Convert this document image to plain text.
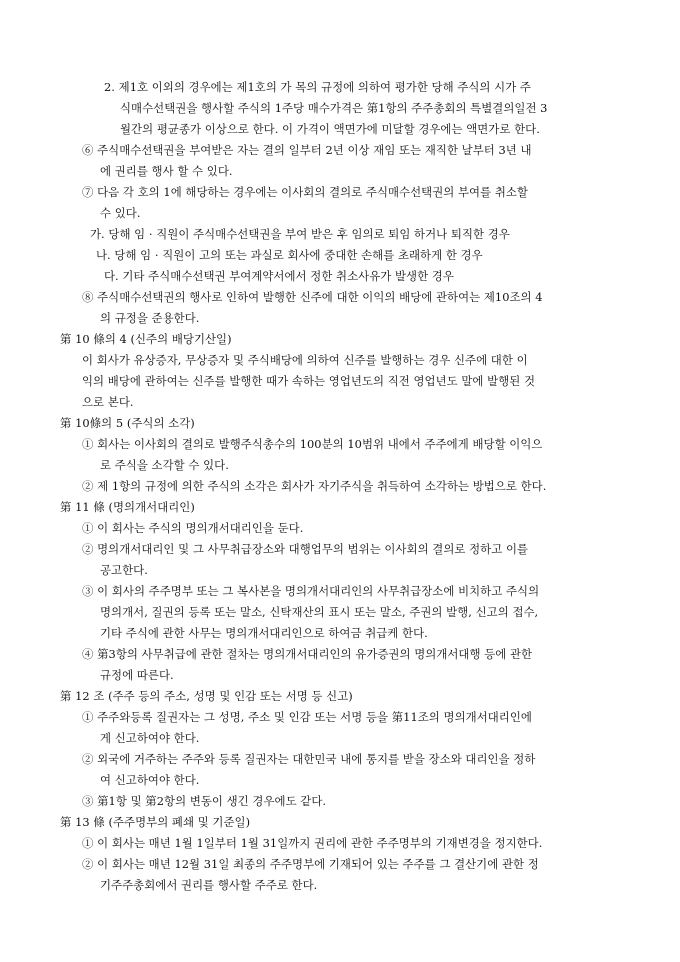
2. 제1호 이외의 경우에는 제1호의 가 목의 규정에 의하여 평가한 당해 주식의 시가 주
식매수선택권을 행사할 주식의 1주당 매수가격은 第1항의 주주총회의 특별결의일전 3
월간의 평균종가 이상으로 한다. 이 가격이 액면가에 미달할 경우에는 액면가로 한다.
⑥ 주식매수선택권을 부여받은 자는 결의 일부터 2년 이상 재임 또는 재직한 날부터 3년 내
에 권리를 행사 할 수 있다.
⑦ 다음 각 호의 1에 해당하는 경우에는 이사회의 결의로 주식매수선택권의 부여를 취소할
수 있다.
가. 당해 임 · 직원이 주식매수선택권을 부여 받은 후 임의로 퇴임 하거나 퇴직한 경우
나. 당해 임 · 직원이 고의 또는 과실로 회사에 중대한 손해를 초래하게 한 경우
다. 기타 주식매수선택권 부여계약서에서 정한 취소사유가 발생한 경우
⑧ 주식매수선택권의 행사로 인하여 발행한 신주에 대한 이익의 배당에 관하여는 제10조의 4
의 규정을 준용한다.
第 10 條의 4 (신주의 배당기산일)
이 회사가 유상증자, 무상증자 및 주식배당에 의하여 신주를 발행하는 경우 신주에 대한 이
익의 배당에 관하여는 신주를 발행한 때가 속하는 영업년도의 직전 영업년도 말에 발행된 것
으로 본다.
第 10條의 5 (주식의 소각)
① 회사는 이사회의 결의로 발행주식총수의 100분의 10범위 내에서 주주에게 배당할 이익으
로 주식을 소각할 수 있다.
② 제 1항의 규정에 의한 주식의 소각은 회사가 자기주식을 취득하여 소각하는 방법으로 한다.
第 11 條 (명의개서대리인)
① 이 회사는 주식의 명의개서대리인을 둔다.
② 명의개서대리인 및 그 사무취급장소와 대행업무의 범위는 이사회의 결의로 정하고 이를
공고한다.
③ 이 회사의 주주명부 또는 그 복사본을 명의개서대리인의 사무취급장소에 비치하고 주식의
명의개서, 질권의 등록 또는 말소, 신탁재산의 표시 또는 말소, 주권의 발행, 신고의 접수,
기타 주식에 관한 사무는 명의개서대리인으로 하여금 취급케 한다.
④ 第3항의 사무취급에 관한 절차는 명의개서대리인의 유가증권의 명의개서대행 등에 관한
규정에 따른다.
第 12 조 (주주 등의 주소, 성명 및 인감 또는 서명 등 신고)
① 주주와등록 질권자는 그 성명, 주소 및 인감 또는 서명 등을 第11조의 명의개서대리인에
게 신고하여야 한다.
② 외국에 거주하는 주주와 등록 질권자는 대한민국 내에 통지를 받을 장소와 대리인을 정하
여 신고하여야 한다.
③ 第1항 및 第2항의 변동이 생긴 경우에도 같다.
第 13 條 (주주명부의 폐쇄 및 기준일)
① 이 회사는 매년 1월 1일부터 1월 31일까지 권리에 관한 주주명부의 기재변경을 정지한다.
② 이 회사는 매년 12월 31일 최종의 주주명부에 기재되어 있는 주주를 그 결산기에 관한 정
기주주총회에서 권리를 행사할 주주로 한다.
